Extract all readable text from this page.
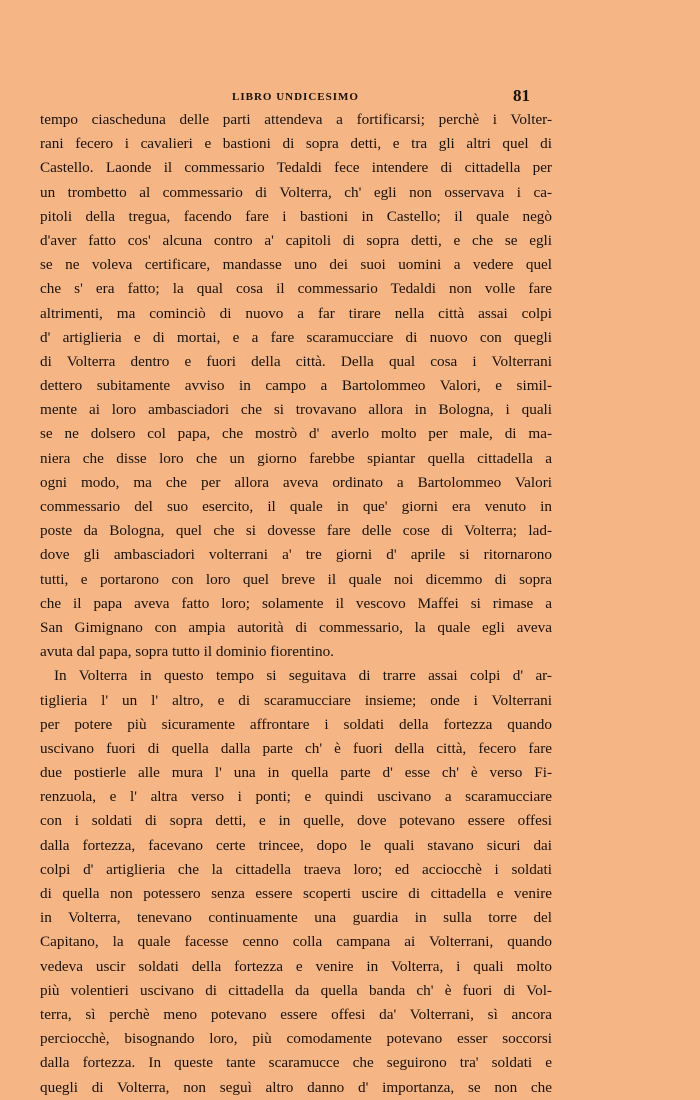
LIBRO UNDICESIMO	81
tempo ciascheduna delle parti attendeva a fortificarsi; perchè i Volter-
rani fecero i cavalieri e bastioni di sopra detti, e tra gli altri quel di
Castello. Laonde il commessario Tedaldi fece intendere di cittadella per
un trombetto al commessario di Volterra, ch' egli non osservava i ca-
pitoli della tregua, facendo fare i bastioni in Castello; il quale negò
d'aver fatto cos' alcuna contro a' capitoli di sopra detti, e che se egli
se ne voleva certificare, mandasse uno dei suoi uomini a vedere quel
che s' era fatto; la qual cosa il commessario Tedaldi non volle fare
altrimenti, ma cominciò di nuovo a far tirare nella città assai colpi
d' artiglieria e di mortai, e a fare scaramucciare di nuovo con quegli
di Volterra dentro e fuori della città. Della qual cosa i Volterrani
dettero subitamente avviso in campo a Bartolommeo Valori, e simil-
mente ai loro ambasciadori che si trovavano allora in Bologna, i quali
se ne dolsero col papa, che mostrò d' averlo molto per male, di ma-
niera che disse loro che un giorno farebbe spiantar quella cittadella a
ogni modo, ma che per allora aveva ordinato a Bartolommeo Valori
commessario del suo esercito, il quale in que' giorni era venuto in
poste da Bologna, quel che si dovesse fare delle cose di Volterra; lad-
dove gli ambasciadori volterrani a' tre giorni d' aprile si ritornarono
tutti, e portarono con loro quel breve il quale noi dicemmo di sopra
che il papa aveva fatto loro; solamente il vescovo Maffei si rimase a
San Gimignano con ampia autorità di commessario, la quale egli aveva
avuta dal papa, sopra tutto il dominio fiorentino.
In Volterra in questo tempo si seguitava di trarre assai colpi d' ar-
tiglieria l' un l' altro, e di scaramucciare insieme; onde i Volterrani
per potere più sicuramente affrontare i soldati della fortezza quando
uscivano fuori di quella dalla parte ch' è fuori della città, fecero fare
due postierle alle mura l' una in quella parte d' esse ch' è verso Fi-
renzuola, e l' altra verso i ponti; e quindi uscivano a scaramucciare
con i soldati di sopra detti, e in quelle, dove potevano essere offesi
dalla fortezza, facevano certe trincee, dopo le quali stavano sicuri dai
colpi d' artiglieria che la cittadella traeva loro; ed acciocchè i soldati
di quella non potessero senza essere scoperti uscire di cittadella e venire
in Volterra, tenevano continuamente una guardia in sulla torre del
Capitano, la quale facesse cenno colla campana ai Volterrani, quando
vedeva uscir soldati della fortezza e venire in Volterra, i quali molto
più volentieri uscivano di cittadella da quella banda ch' è fuori di Vol-
terra, sì perchè meno potevano essere offesi da' Volterrani, sì ancora
perciocchè, bisognando loro, più comodamente potevano esser soccorsi
dalla fortezza. In queste tante scaramucce che seguirono tra' soldati e
quegli di Volterra, non seguì altro danno d' importanza, se non che
